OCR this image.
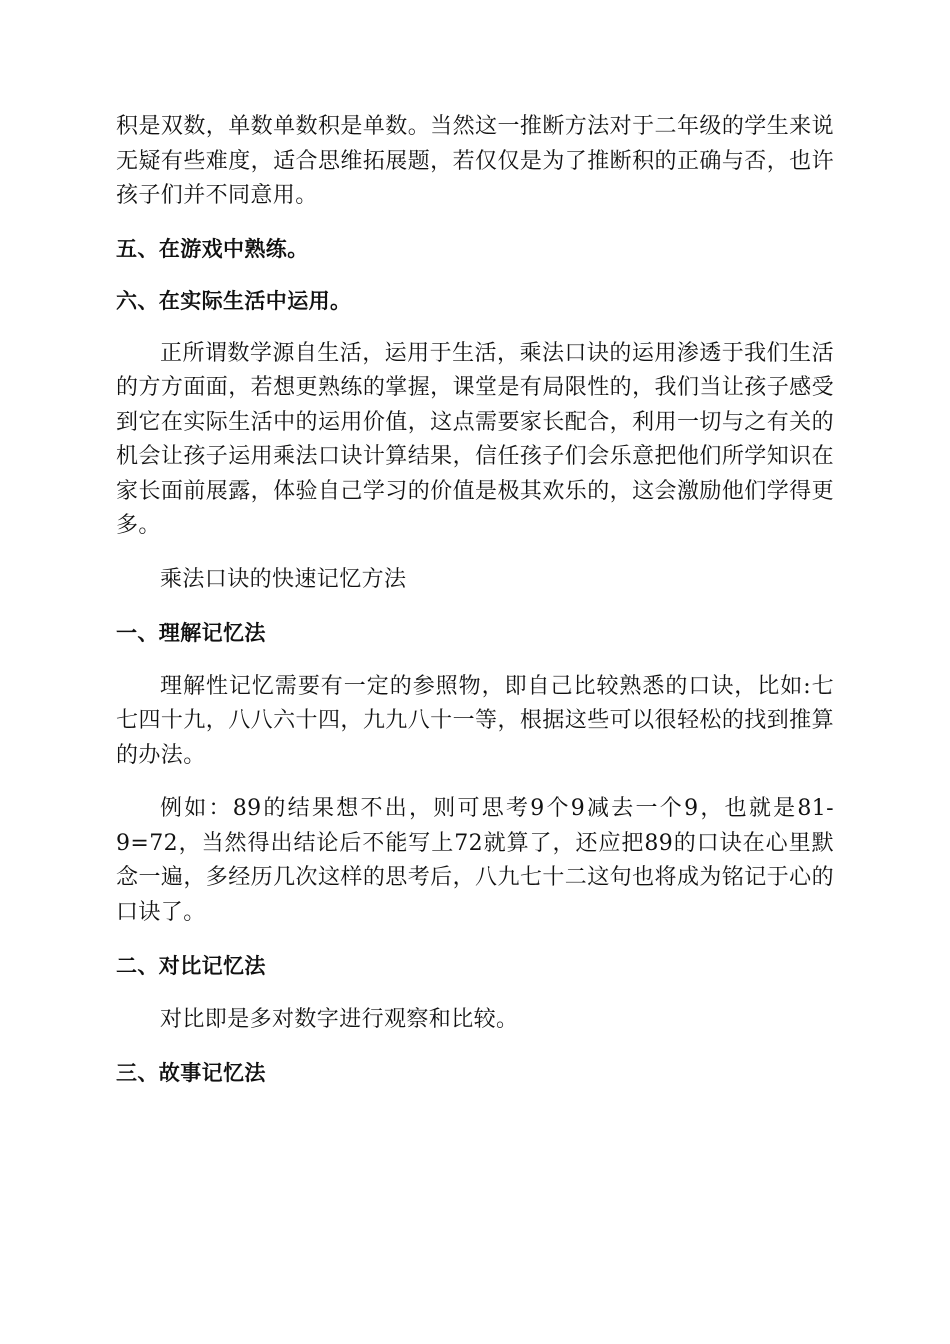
积是双数，单数单数积是单数。当然这一推断方法对于二年级的学生来说无疑有些难度，适合思维拓展题，若仅仅是为了推断积的正确与否，也许孩子们并不同意用。

五、在游戏中熟练。

六、在实际生活中运用。

正所谓数学源自生活，运用于生活，乘法口诀的运用渗透于我们生活的方方面面，若想更熟练的掌握，课堂是有局限性的，我们当让孩子感受到它在实际生活中的运用价值，这点需要家长配合，利用一切与之有关的机会让孩子运用乘法口诀计算结果，信任孩子们会乐意把他们所学知识在家长面前展露，体验自己学习的价值是极其欢乐的，这会激励他们学得更多。

乘法口诀的快速记忆方法

一、理解记忆法

理解性记忆需要有一定的参照物，即自己比较熟悉的口诀，比如:七七四十九，八八六十四，九九八十一等，根据这些可以很轻松的找到推算的办法。

例如：89的结果想不出，则可思考9个9减去一个9，也就是81-9=72，当然得出结论后不能写上72就算了，还应把89的口诀在心里默念一遍，多经历几次这样的思考后，八九七十二这句也将成为铭记于心的口诀了。

二、对比记忆法

对比即是多对数字进行观察和比较。

三、故事记忆法
